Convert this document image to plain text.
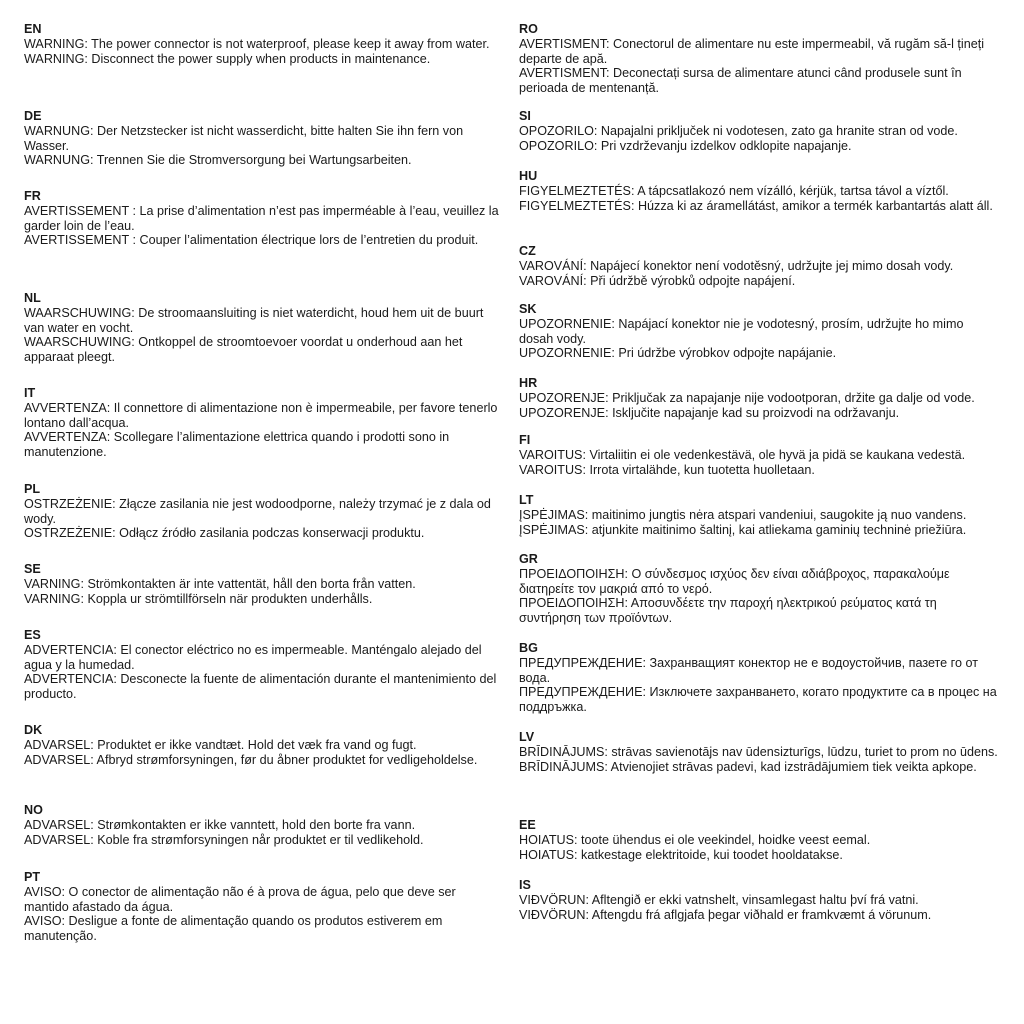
EN
WARNING: The power connector is not waterproof, please keep it away from water.
WARNING: Disconnect the power supply when products in maintenance.
DE
WARNUNG: Der Netzstecker ist nicht wasserdicht, bitte halten Sie ihn fern von Wasser.
WARNUNG: Trennen Sie die Stromversorgung bei Wartungsarbeiten.
FR
AVERTISSEMENT : La prise d’alimentation n’est pas imperméable à l’eau, veuillez la garder loin de l’eau.
AVERTISSEMENT : Couper l’alimentation électrique lors de l’entretien du produit.
NL
WAARSCHUWING: De stroomaansluiting is niet waterdicht, houd hem uit de buurt van water en vocht.
WAARSCHUWING: Ontkoppel de stroomtoevoer voordat u onderhoud aan het apparaat pleegt.
IT
AVVERTENZA: Il connettore di alimentazione non è impermeabile, per favore tenerlo lontano dall’acqua.
AVVERTENZA: Scollegare l’alimentazione elettrica quando i prodotti sono in manutenzione.
PL
OSTRZEŻENIE: Złącze zasilania nie jest wodoodporne, należy trzymać je z dala od wody.
OSTRZEŻENIE: Odłącz źródło zasilania podczas konserwacji produktu.
SE
VARNING: Strömkontakten är inte vattentät, håll den borta från vatten.
VARNING: Koppla ur strömtillförseln när produkten underhålls.
ES
ADVERTENCIA: El conector eléctrico no es impermeable. Manténgalo alejado del agua y la humedad.
ADVERTENCIA: Desconecte la fuente de alimentación durante el mantenimiento del producto.
DK
ADVARSEL: Produktet er ikke vandtæt. Hold det væk fra vand og fugt.
ADVARSEL: Afbryd strømforsyningen, før du åbner produktet for vedligeholdelse.
NO
ADVARSEL: Strømkontakten er ikke vanntett, hold den borte fra vann.
ADVARSEL: Koble fra strømforsyningen når produktet er til vedlikehold.
PT
AVISO: O conector de alimentação não é à prova de água, pelo que deve ser mantido afastado da água.
AVISO: Desligue a fonte de alimentação quando os produtos estiverem em manutenção.
RO
AVERTISMENT: Conectorul de alimentare nu este impermeabil, vă rugăm să-l țineți departe de apă.
AVERTISMENT: Deconectați sursa de alimentare atunci când produsele sunt în perioada de mentenanță.
SI
OPOZORILO: Napajalni priključek ni vodotesen, zato ga hranite stran od vode.
OPOZORILO: Pri vzdrževanju izdelkov odklopite napajanje.
HU
FIGYELMEZTETÉS: A tápcsatlakozó nem vízálló, kérjük, tartsa távol a víztől.
FIGYELMEZTETÉS: Húzza ki az áramellátást, amikor a termék karbantartás alatt áll.
CZ
VAROVÁNÍ: Napájecí konektor není vodotěsný, udržujte jej mimo dosah vody.
VAROVÁNÍ: Při údržbě výrobků odpojte napájení.
SK
UPOZORNENIE: Napájací konektor nie je vodotesný, prosím, udržujte ho mimo dosah vody.
UPOZORNENIE: Pri údržbe výrobkov odpojte napájanie.
HR
UPOZORENJE: Priključak za napajanje nije vodootporan, držite ga dalje od vode.
UPOZORENJE: Isključite napajanje kad su proizvodi na održavanju.
FI
VAROITUS: Virtaliitin ei ole vedenkestävä, ole hyvä ja pidä se kaukana vedestä.
VAROITUS: Irrota virtalähde, kun tuotetta huolletaan.
LT
ĮSPĖJIMAS: maitinimo jungtis nėra atspari vandeniui, saugokite ją nuo vandens.
ĮSPĖJIMAS: atjunkite maitinimo šaltinį, kai atliekama gaminių techninė priežiūra.
GR
ΠΡΟΕΙΔΟΠΟΙΗΣΗ: Ο σύνδεσμος ισχύος δεν είναι αδιάβροχος, παρακαλούμε διατηρείτε τον μακριά από το νερό.
ΠΡΟΕΙΔΟΠΟΙΗΣΗ: Αποσυνδέετε την παροχή ηλεκτρικού ρεύματος κατά τη συντήρηση των προϊόντων.
BG
ПРЕДУПРЕЖДЕНИЕ: Захранващият конектор не е водоустойчив, пазете го от вода.
ПРЕДУПРЕЖДЕНИЕ: Изключете захранването, когато продуктите са в процес на поддръжка.
LV
BRĪDINĀJUMS: strāvas savienotājs nav ūdensizturīgs, lūdzu, turiet to prom no ūdens.
BRĪDINĀJUMS: Atvienojiet strāvas padevi, kad izstrādājumiem tiek veikta apkope.
EE
HOIATUS: toote ühendus ei ole veekindel, hoidke veest eemal.
HOIATUS: katkestage elektritoide, kui toodet hooldatakse.
IS
VIÐVÖRUN: Afltengið er ekki vatnshelt, vinsamlegast haltu því frá vatni.
VIÐVÖRUN: Aftengdu frá aflgjafa þegar viðhald er framkvæmt á vörunum.
